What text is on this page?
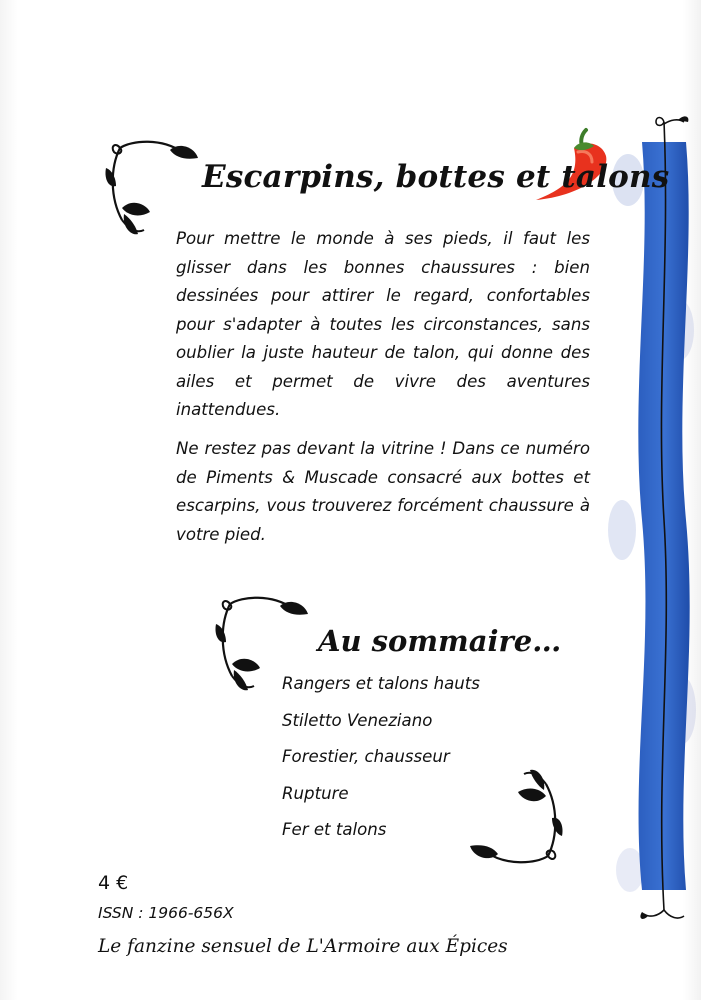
Escarpins, bottes et talons

Pour mettre le monde à ses pieds, il faut les glisser dans les bonnes chaussures : bien dessinées pour attirer le regard, confortables pour s'adapter à toutes les circonstances, sans oublier la juste hauteur de talon, qui donne des ailes et permet de vivre des aventures inattendues.

Ne restez pas devant la vitrine ! Dans ce numéro de Piments & Muscade consacré aux bottes et escarpins, vous trouverez forcément chaussure à votre pied.

Au sommaire…
Rangers et talons hauts
Stiletto Veneziano
Forestier, chausseur
Rupture
Fer et talons
4 €
ISSN : 1966-656X
Le fanzine sensuel de L'Armoire aux Épices
